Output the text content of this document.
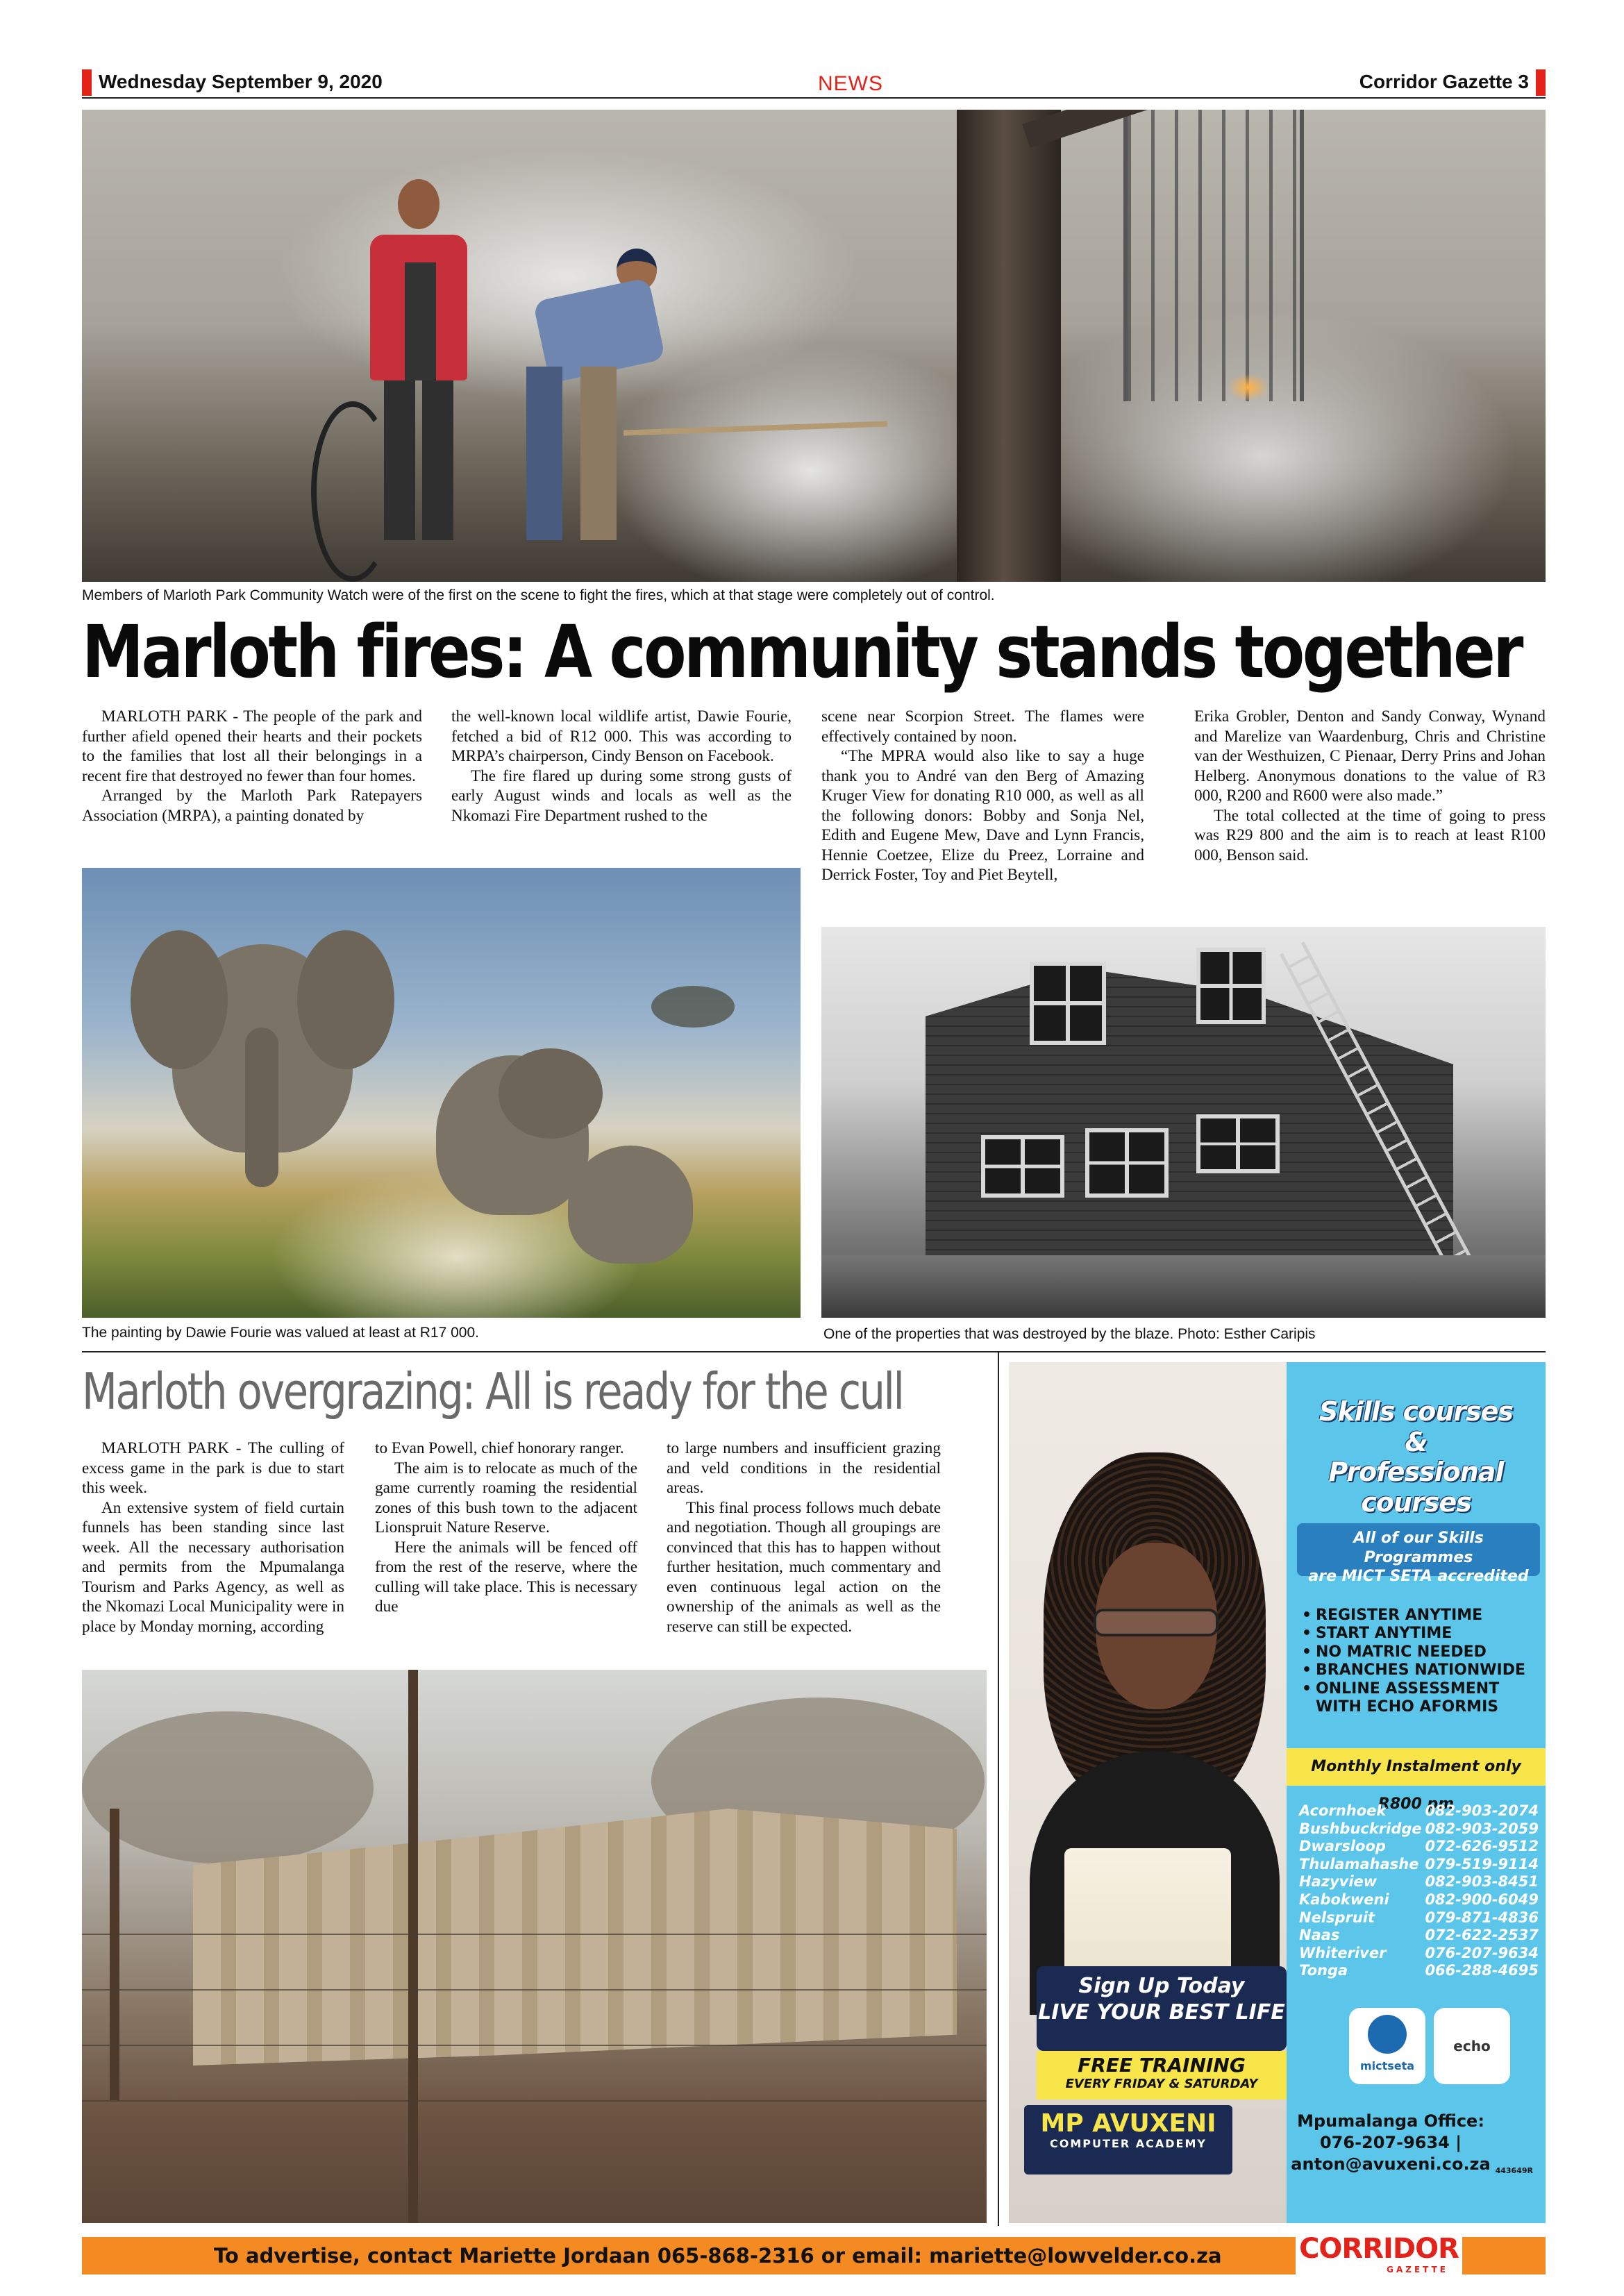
Wednesday September 9, 2020	NEWS	Corridor Gazette 3
Members of Marloth Park Community Watch were of the first on the scene to fight the fires, which at that stage were completely out of control.
Marloth fires: A community stands together

MARLOTH PARK - The people of the park and further afield opened their hearts and their pockets to the families that lost all their belongings in a recent fire that destroyed no fewer than four homes.

Arranged by the Marloth Park Ratepayers Association (MRPA), a painting donated by

the well-known local wildlife artist, Dawie Fourie, fetched a bid of R12 000. This was according to MRPA’s chairperson, Cindy Benson on Facebook.

The fire flared up during some strong gusts of early August winds and locals as well as the Nkomazi Fire Department rushed to the

scene near Scorpion Street. The flames were effectively contained by noon.

“The MPRA would also like to say a huge thank you to André van den Berg of Amazing Kruger View for donating R10 000, as well as all the following donors: Bobby and Sonja Nel, Edith and Eugene Mew, Dave and Lynn Francis, Hennie Coetzee, Elize du Preez, Lorraine and Derrick Foster, Toy and Piet Beytell,

Erika Grobler, Denton and Sandy Conway, Wynand and Marelize van Waardenburg, Chris and Christine van der Westhuizen, C Pienaar, Derry Prins and Johan Helberg. Anonymous donations to the value of R3 000, R200 and R600 were also made.”

The total collected at the time of going to press was R29 800 and the aim is to reach at least R100 000, Benson said.

The painting by Dawie Fourie was valued at least at R17 000.	One of the properties that was destroyed by the blaze. Photo: Esther Caripis
Marloth overgrazing: All is ready for the cull

MARLOTH PARK - The culling of excess game in the park is due to start this week.

An extensive system of field curtain funnels has been standing since last week. All the necessary authorisation and permits from the Mpumalanga Tourism and Parks Agency, as well as the Nkomazi Local Municipality were in place by Monday morning, according

to Evan Powell, chief honorary ranger.

The aim is to relocate as much of the game currently roaming the residential zones of this bush town to the adjacent Lionspruit Nature Reserve.

Here the animals will be fenced off from the rest of the reserve, where the culling will take place. This is necessary due

to large numbers and insufficient grazing and veld conditions in the residential areas.

This final process follows much debate and negotiation. Though all groupings are convinced that this has to happen without further hesitation, much commentary and even continuous legal action on the ownership of the animals as well as the reserve can still be expected.

Skills courses
&
Professional courses
All of our Skills Programmes
are MICT SETA accredited
• REGISTER ANYTIME
• START ANYTIME
• NO MATRIC NEEDED
• BRANCHES NATIONWIDE
• ONLINE ASSESSMENT WITH ECHO AFORMIS
Monthly Instalment only R800 pm
Acornhoek	082-903-2074
Bushbuckridge 082-903-2059
Dwarsloop	072-626-9512
Thulamahashe 079-519-9114
Hazyview	082-903-8451
Kabokweni 082-900-6049
Nelspruit	079-871-4836
Naas	072-622-2537
Whiteriver	076-207-9634
Tonga	066-288-4695
Sign Up Today
LIVE YOUR BEST LIFE
FREE TRAINING
EVERY FRIDAY & SATURDAY
mictseta
echo
MP AVUXENI
COMPUTER ACADEMY
Mpumalanga Office:
076-207-9634 | anton@avuxeni.co.za 443649R
To advertise, contact Mariette Jordaan 065-868-2316 or email: mariette@lowvelder.co.za	CORRIDOR
GAZETTE
